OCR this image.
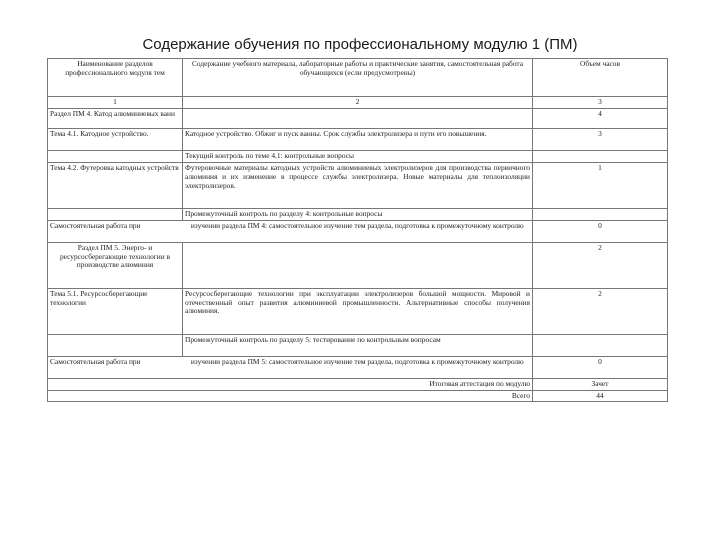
Содержание обучения по профессиональному модулю 1 (ПМ)
Наименование разделов профессионального модуля тем	Содержание учебного материала, лабораторные работы и практические занятия, самостоятельная работа обучающихся (если предусмотрены)	Объем часов
1	2	3
Раздел ПМ 4. Катод алюминиевых ванн		4
Тема 4.1. Катодное устройство.	Катодное устройство. Обжиг и пуск ванны. Срок службы электролизера и пути его повышения.	3
	Текущий контроль по теме 4.1: контрольные вопросы	
Тема 4.2. Футеровка катодных устройств	Футеровочные материалы катодных устройств алюминиевых электролизеров для производства первичного алюминия и их изменение в процессе службы электролизера. Новые материалы для теплоизоляции электролизеров.	1
	Промежуточный контроль по разделу 4: контрольные вопросы	
Самостоятельная работа при	изучении раздела ПМ 4: самостоятельное изучение тем раздела, подготовка к промежуточному контролю	0
Раздел ПМ 5. Энерго- и ресурсосберегающие технологии в производстве алюминия		2
Тема 5.1. Ресурсосберегающие технологии	Ресурсосберегающие технологии при эксплуатации электролизеров большой мощности. Мировой и отечественный опыт развития алюминиевой промышленности. Альтернативные способы получения алюминия.	2
	Промежуточный контроль по разделу 5: тестирование по контрольным вопросам	
Самостоятельная работа при	изучении раздела ПМ 5: самостоятельное изучение тем раздела, подготовка к промежуточному контролю	0
	Итоговая аттестация по модулю	Зачет
	Всего	44
